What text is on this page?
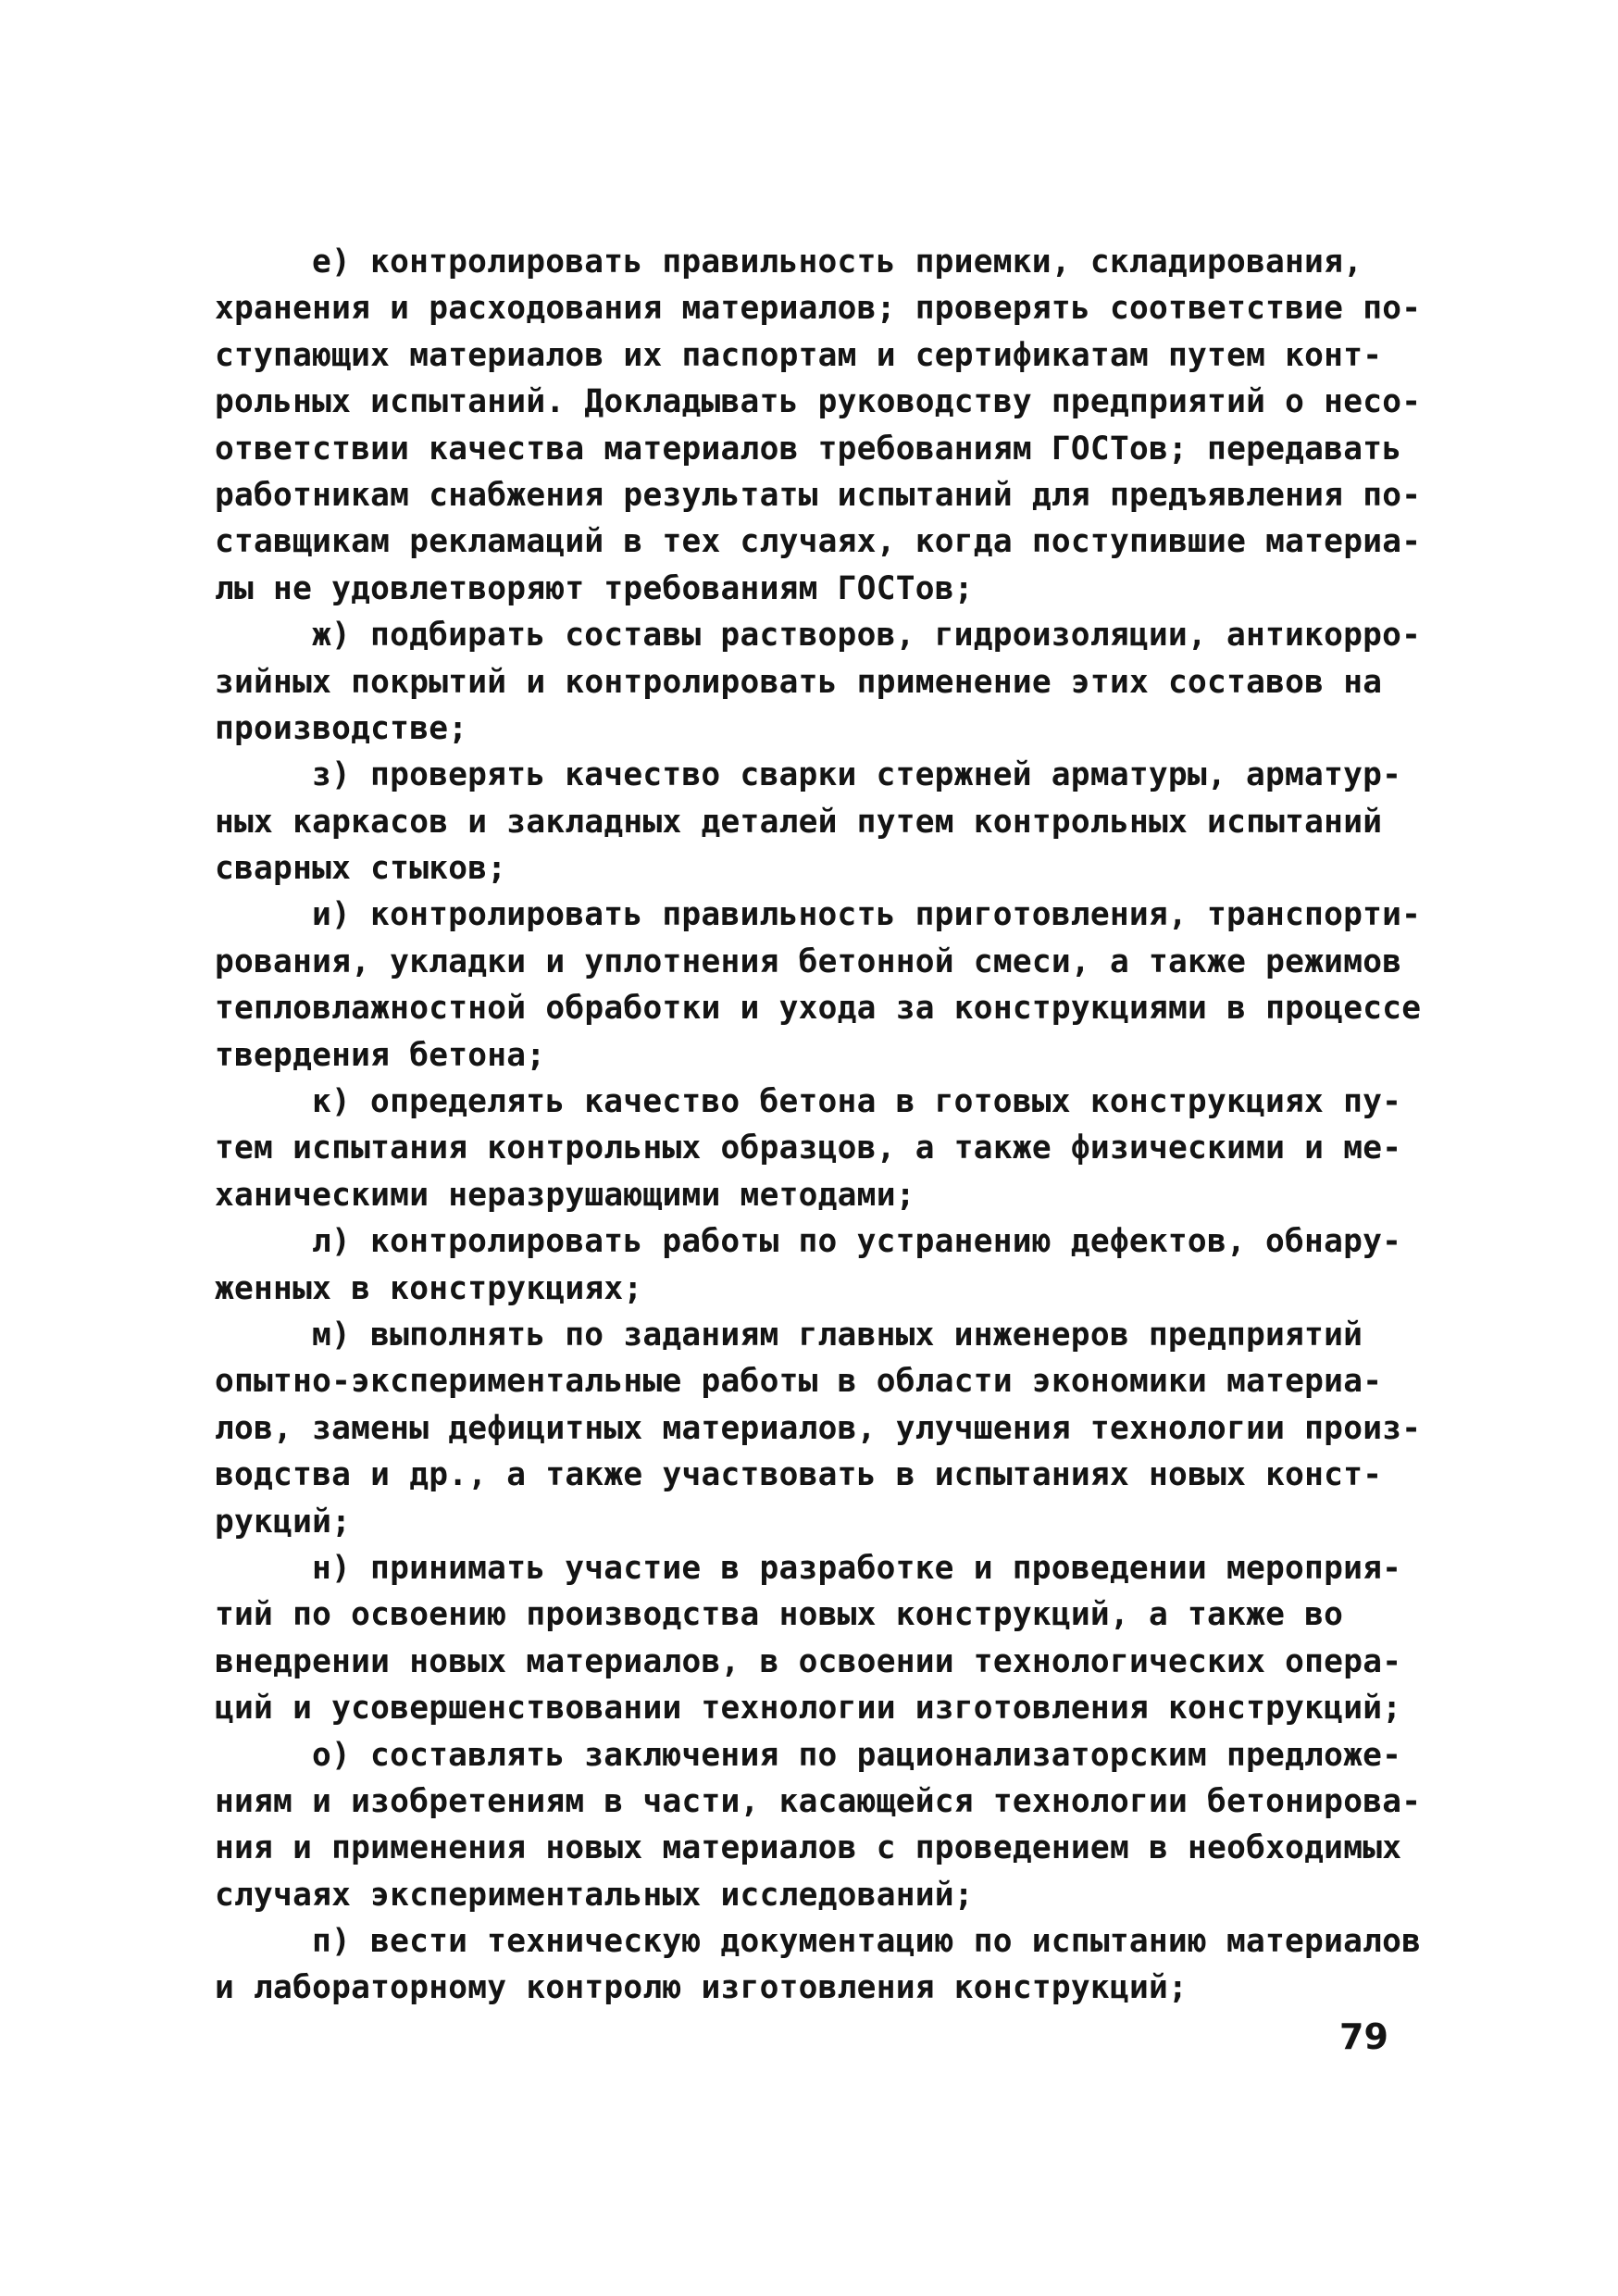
е) контролировать правильность приемки, складирования,
хранения и расходования материалов; проверять соответствие по-
ступающих материалов их паспортам и сертификатам путем конт-
рольных испытаний. Докладывать руководству предприятий о несо-
ответствии качества материалов требованиям ГОСТов; передавать
работникам снабжения результаты испытаний для предъявления по-
ставщикам рекламаций в тех случаях, когда поступившие материа-
лы не удовлетворяют требованиям ГОСТов;
ж) подбирать составы растворов, гидроизоляции, антикорро-
зийных покрытий и контролировать применение этих составов на
производстве;
з) проверять качество сварки стержней арматуры, арматур-
ных каркасов и закладных деталей путем контрольных испытаний
сварных стыков;
и) контролировать правильность приготовления, транспорти-
рования, укладки и уплотнения бетонной смеси, а также режимов
тепловлажностной обработки и ухода за конструкциями в процессе
твердения бетона;
к) определять качество бетона в готовых конструкциях пу-
тем испытания контрольных образцов, а также физическими и ме-
ханическими неразрушающими методами;
л) контролировать работы по устранению дефектов, обнару-
женных в конструкциях;
м) выполнять по заданиям главных инженеров предприятий
опытно-экспериментальные работы в области экономики материа-
лов, замены дефицитных материалов, улучшения технологии произ-
водства и др., а также участвовать в испытаниях новых конст-
рукций;
н) принимать участие в разработке и проведении мероприя-
тий по освоению производства новых конструкций, а также во
внедрении новых материалов, в освоении технологических опера-
ций и усовершенствовании технологии изготовления конструкций;
о) составлять заключения по рационализаторским предложе-
ниям и изобретениям в части, касающейся технологии бетонирова-
ния и применения новых материалов с проведением в необходимых
случаях экспериментальных исследований;
п) вести техническую документацию по испытанию материалов
и лабораторному контролю изготовления конструкций;
79
